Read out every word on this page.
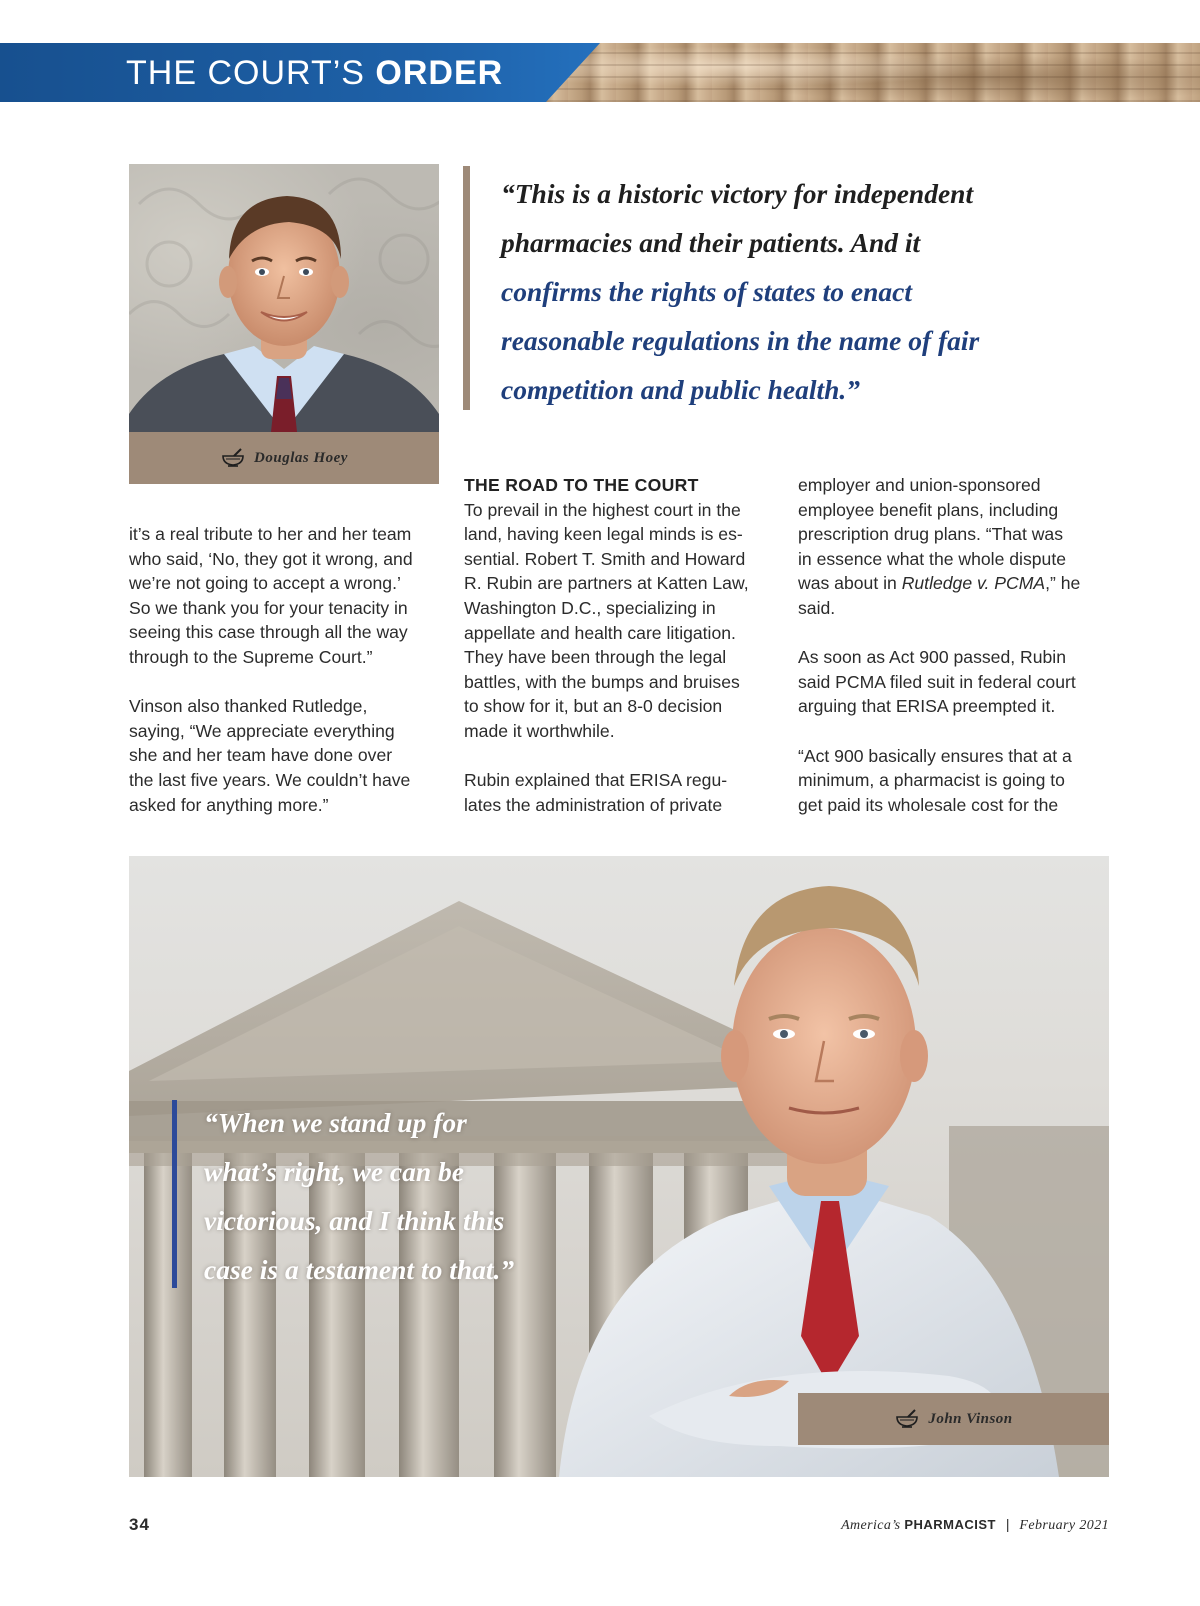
THE COURT’S ORDER
Douglas Hoey
“This is a historic victory for independent
pharmacies and their patients. And it
confirms the rights of states to enact
reasonable regulations in the name of fair
competition and public health.”

it’s a real tribute to her and her team
who said, ‘No, they got it wrong, and
we’re not going to accept a wrong.’
So we thank you for your tenacity in
seeing this case through all the way
through to the Supreme Court.”

Vinson also thanked Rutledge,
saying, “We appreciate everything
she and her team have done over
the last five years. We couldn’t have
asked for anything more.”

THE ROAD TO THE COURT

To prevail in the highest court in the
land, having keen legal minds is es-
sential. Robert T. Smith and Howard
R. Rubin are partners at Katten Law,
Washington D.C., specializing in
appellate and health care litigation.
They have been through the legal
battles, with the bumps and bruises
to show for it, but an 8-0 decision
made it worthwhile.

Rubin explained that ERISA regu-
lates the administration of private

employer and union-sponsored
employee benefit plans, including
prescription drug plans. “That was
in essence what the whole dispute
was about in Rutledge v. PCMA,” he
said.

As soon as Act 900 passed, Rubin
said PCMA filed suit in federal court
arguing that ERISA preempted it.

“Act 900 basically ensures that at a
minimum, a pharmacist is going to
get paid its wholesale cost for the

“When we stand up for
what’s right, we can be
victorious, and I think this
case is a testament to that.”
John Vinson
34	America’s PHARMACIST | February 2021
